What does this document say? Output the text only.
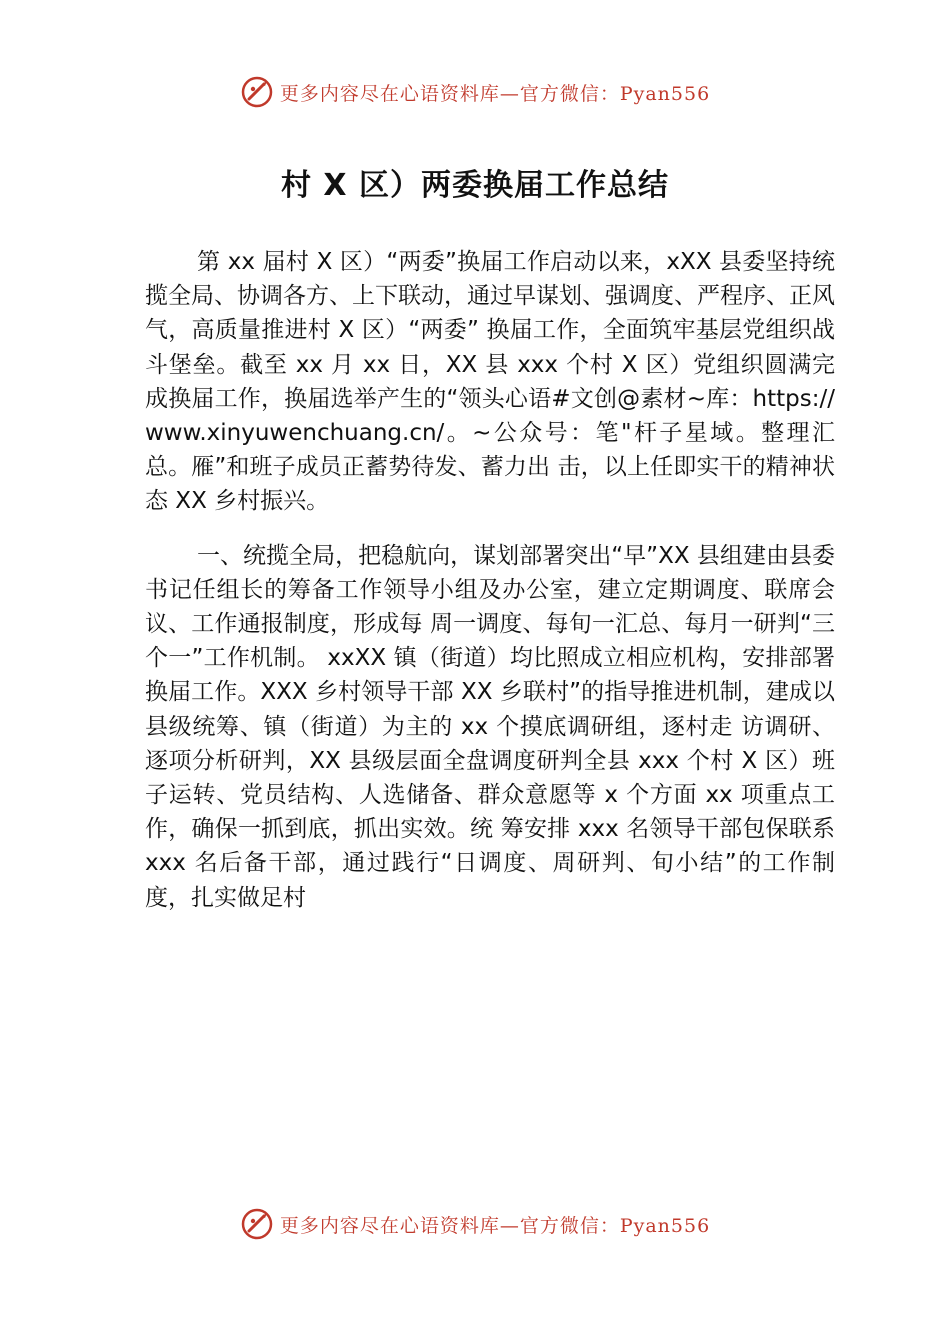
更多内容尽在心语资料库—官方微信：Pyan556
村 X 区）两委换届工作总结

第 xx 届村 X 区）“两委”换届工作启动以来，xXX 县委坚持统揽全局、协调各方、上下联动，通过早谋划、强调度、严程序、正风气，高质量推进村 X 区）“两委” 换届工作，全面筑牢基层党组织战斗堡垒。截至 xx 月 xx 日，XX 县 xxx 个村 X 区）党组织圆满完成换届工作，换届选举产生的“领头心语#文创@素材~库：https://www.xinyuwenchuang.cn/。~公众号：笔"杆子星域。整理汇总。雁”和班子成员正蓄势待发、蓄力出 击，以上任即实干的精神状态 XX 乡村振兴。

一、统揽全局，把稳航向，谋划部署突出“早”XX 县组建由县委书记任组长的筹备工作领导小组及办公室，建立定期调度、联席会议、工作通报制度，形成每 周一调度、每旬一汇总、每月一研判“三个一”工作机制。 xxXX 镇（街道）均比照成立相应机构，安排部署换届工作。XXX 乡村领导干部 XX 乡联村”的指导推进机制，建成以县级统筹、镇（街道）为主的 xx 个摸底调研组，逐村走 访调研、逐项分析研判，XX 县级层面全盘调度研判全县 xxx 个村 X 区）班子运转、党员结构、人选储备、群众意愿等 x 个方面 xx 项重点工作，确保一抓到底，抓出实效。统 筹安排 xxx 名领导干部包保联系 xxx 名后备干部，通过践行“日调度、周研判、旬小结”的工作制度，扎实做足村

更多内容尽在心语资料库—官方微信：Pyan556
